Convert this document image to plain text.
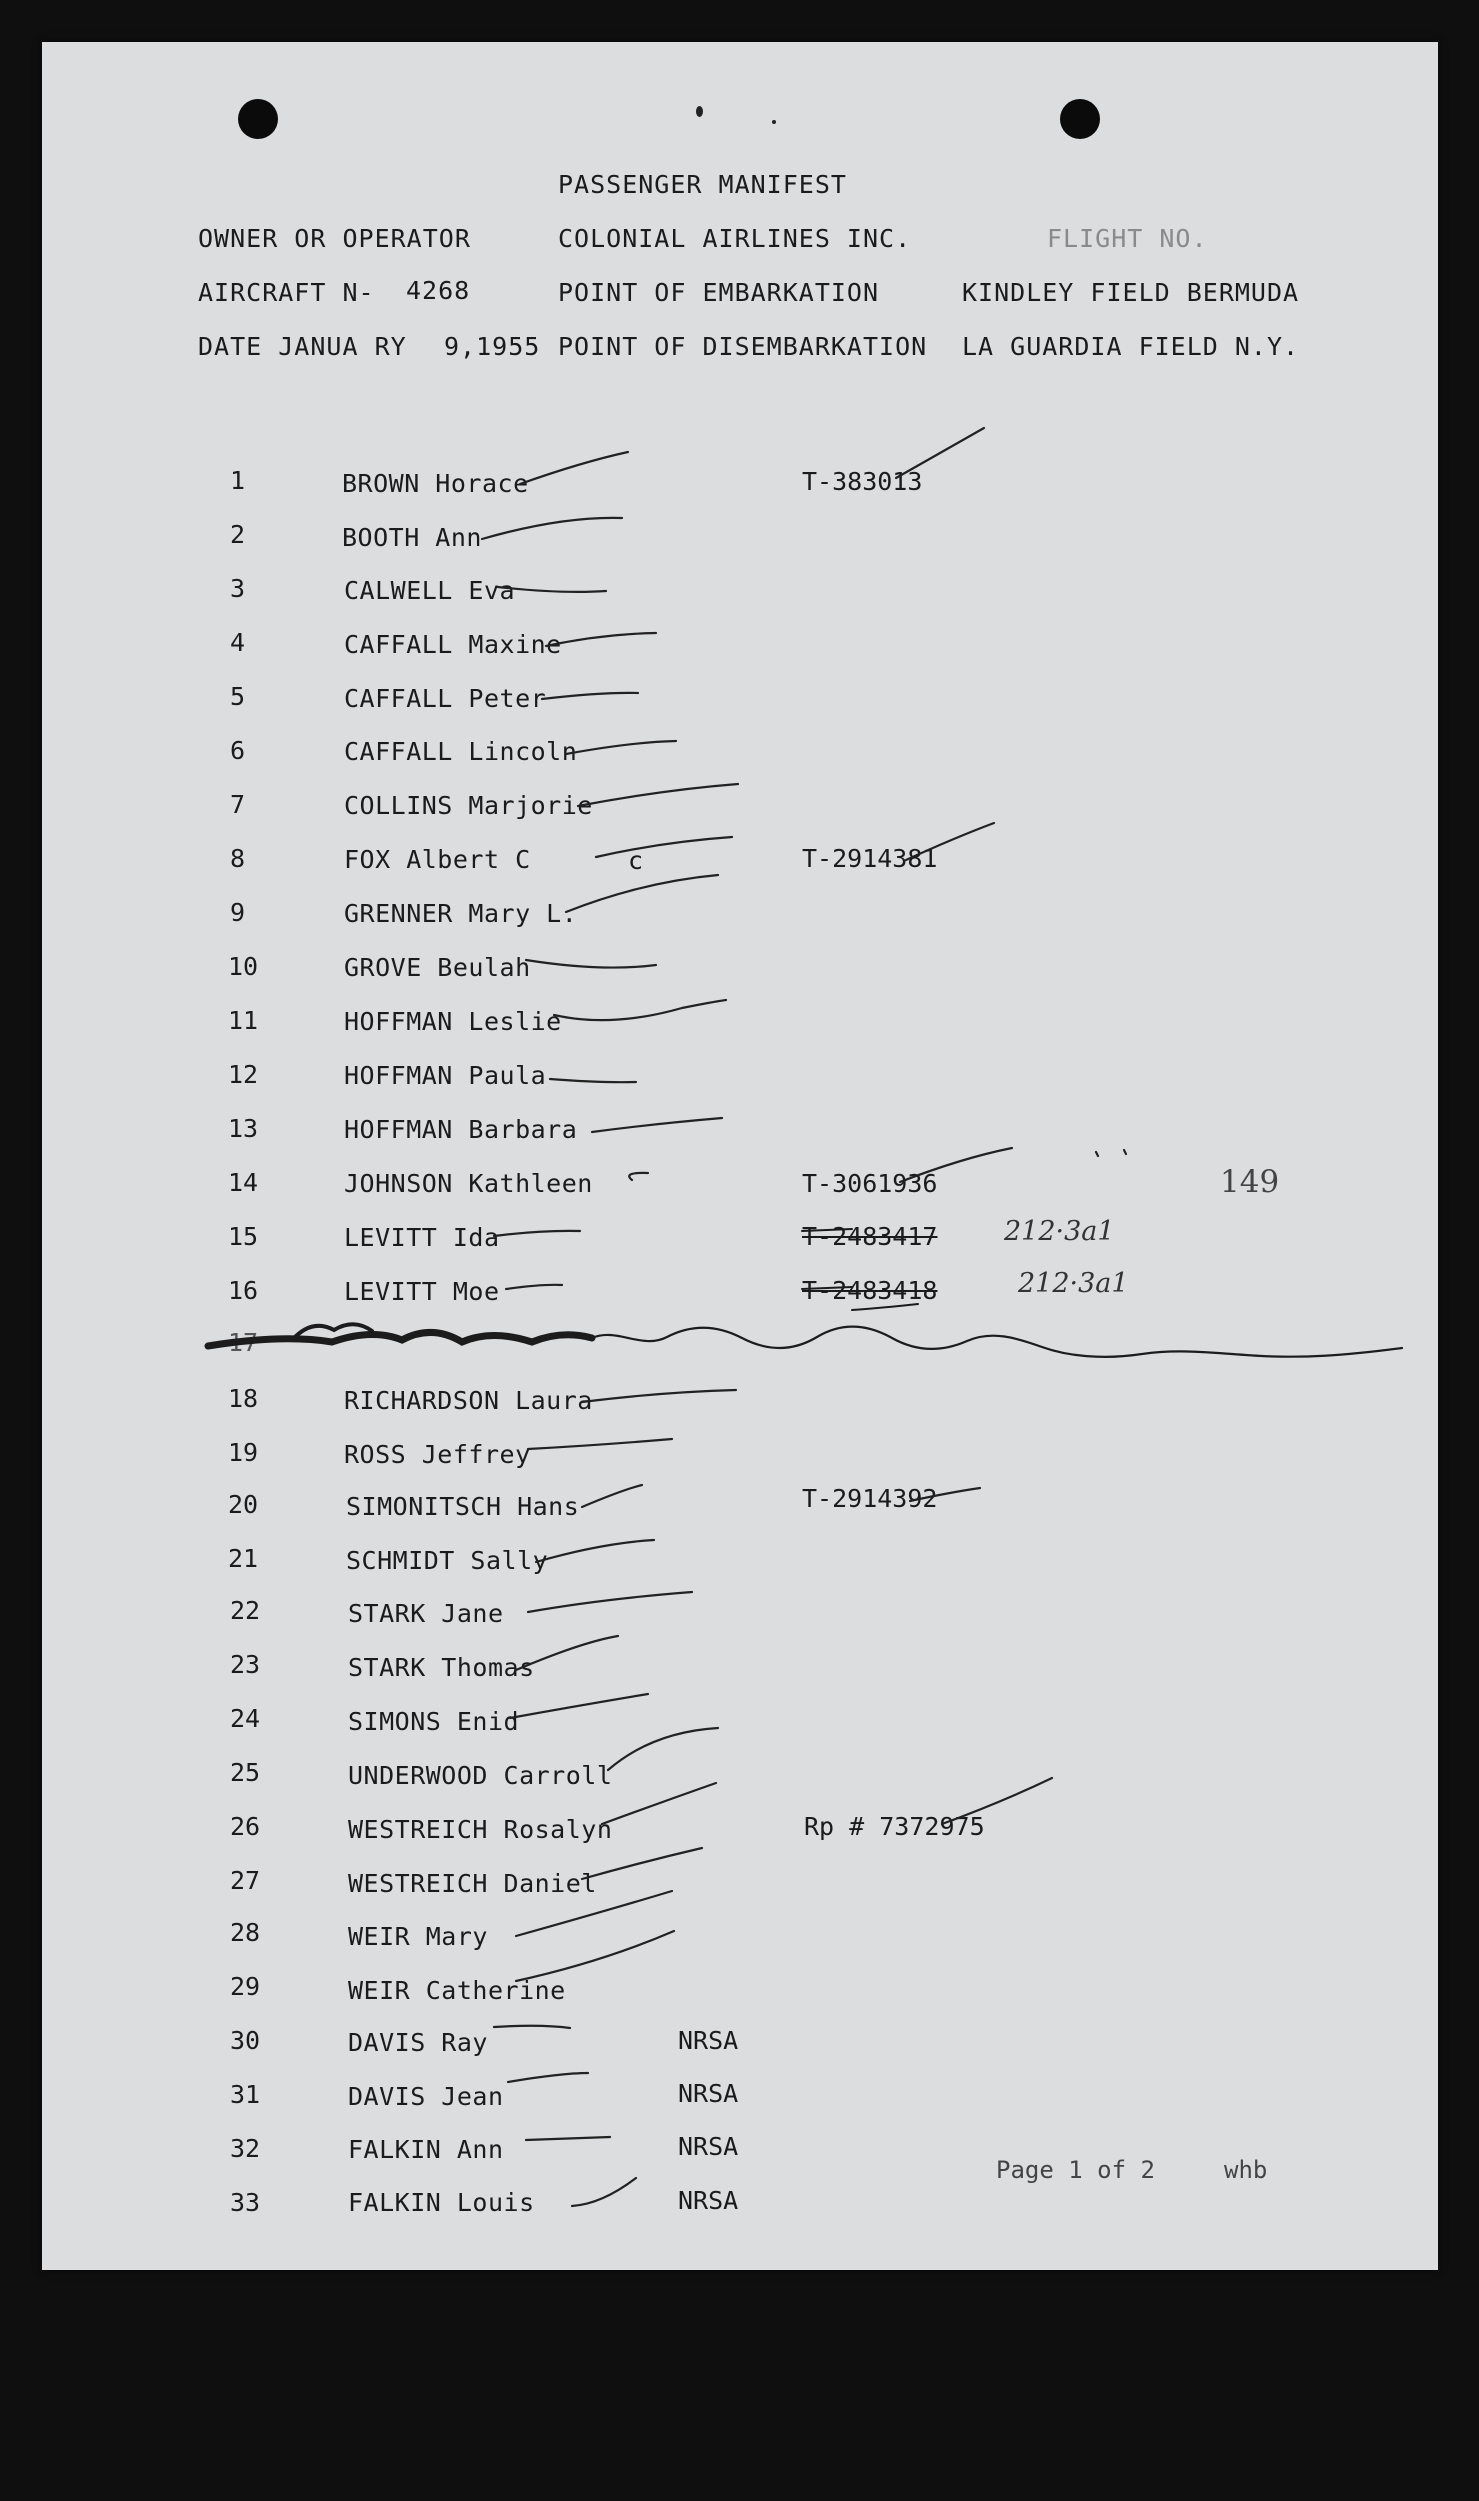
PASSENGER MANIFEST
OWNER OR OPERATOR	COLONIAL AIRLINES INC.	FLIGHT NO.
AIRCRAFT N- 4268	POINT OF EMBARKATION	KINDLEY FIELD BERMUDA
DATE JANUA RY 9,1955 POINT OF DISEMBARKATION LA GUARDIA FIELD N.Y.
1	BROWN Horace	T-383013
2	BOOTH Ann
3	CALWELL Eva
4	CAFFALL Maxine
5	CAFFALL Peter
6	CAFFALL Lincoln
7	COLLINS Marjorie
8	FOX Albert C	c	T-2914381
9	GRENNER Mary L.
10	GROVE Beulah
11	HOFFMAN Leslie
12	HOFFMAN Paula
13	HOFFMAN Barbara
14	JOHNSON Kathleen	T-3061936
15	LEVITT Ida	T-2483417 212·3a1
16	LEVITT Moe	T-2483418	212·3a1
17
18	RICHARDSON Laura
19	ROSS Jeffrey
20	SIMONITSCH Hans	T-2914392
21	SCHMIDT Sally
22	STARK Jane
23	STARK Thomas
24	SIMONS Enid
25	UNDERWOOD Carroll
26	WESTREICH Rosalyn	Rp # 7372975
27	WESTREICH Daniel
28	WEIR Mary
29	WEIR Catherine
30	DAVIS Ray	NRSA
31	DAVIS Jean	NRSA
32	FALKIN Ann	NRSA
33	FALKIN Louis	NRSA
149
Page 1 of 2	whb
